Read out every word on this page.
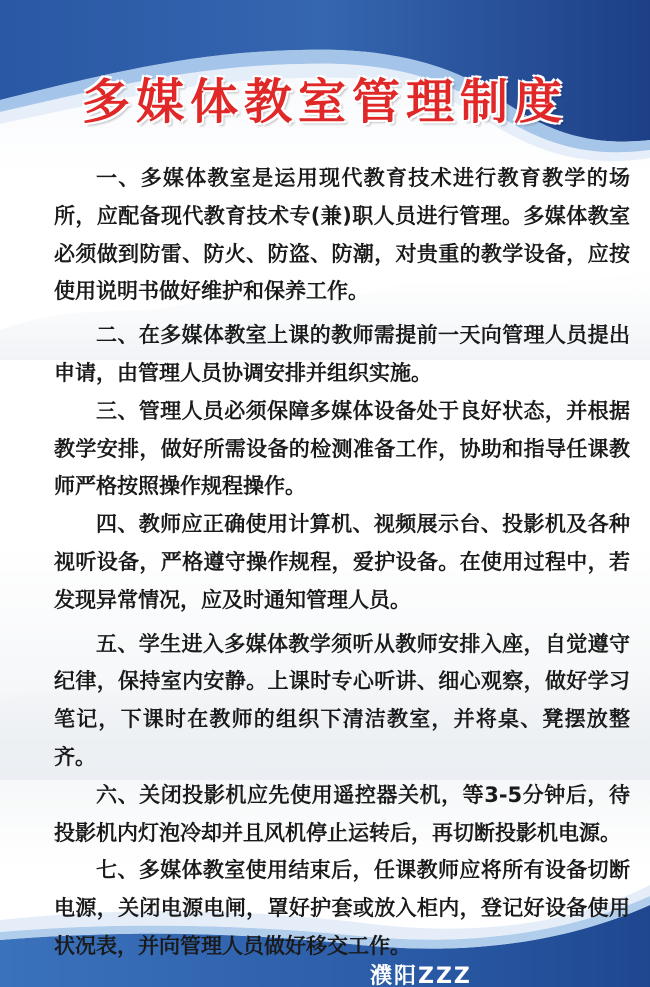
多媒体教室管理制度

一、多媒体教室是运用现代教育技术进行教育教学的场所，应配备现代教育技术专(兼)职人员进行管理。多媒体教室必须做到防雷、防火、防盗、防潮，对贵重的教学设备，应按使用说明书做好维护和保养工作。

二、在多媒体教室上课的教师需提前一天向管理人员提出申请，由管理人员协调安排并组织实施。

三、管理人员必须保障多媒体设备处于良好状态，并根据教学安排，做好所需设备的检测准备工作，协助和指导任课教师严格按照操作规程操作。

四、教师应正确使用计算机、视频展示台、投影机及各种视听设备，严格遵守操作规程，爱护设备。在使用过程中，若发现异常情况，应及时通知管理人员。

五、学生进入多媒体教学须听从教师安排入座，自觉遵守纪律，保持室内安静。上课时专心听讲、细心观察，做好学习笔记，下课时在教师的组织下清洁教室，并将桌、凳摆放整齐。

六、关闭投影机应先使用遥控器关机，等3-5分钟后，待投影机内灯泡冷却并且风机停止运转后，再切断投影机电源。

七、多媒体教室使用结束后，任课教师应将所有设备切断电源，关闭电源电闸，罩好护套或放入柜内，登记好设备使用状况表，并向管理人员做好移交工作。

濮阳ZZZ
